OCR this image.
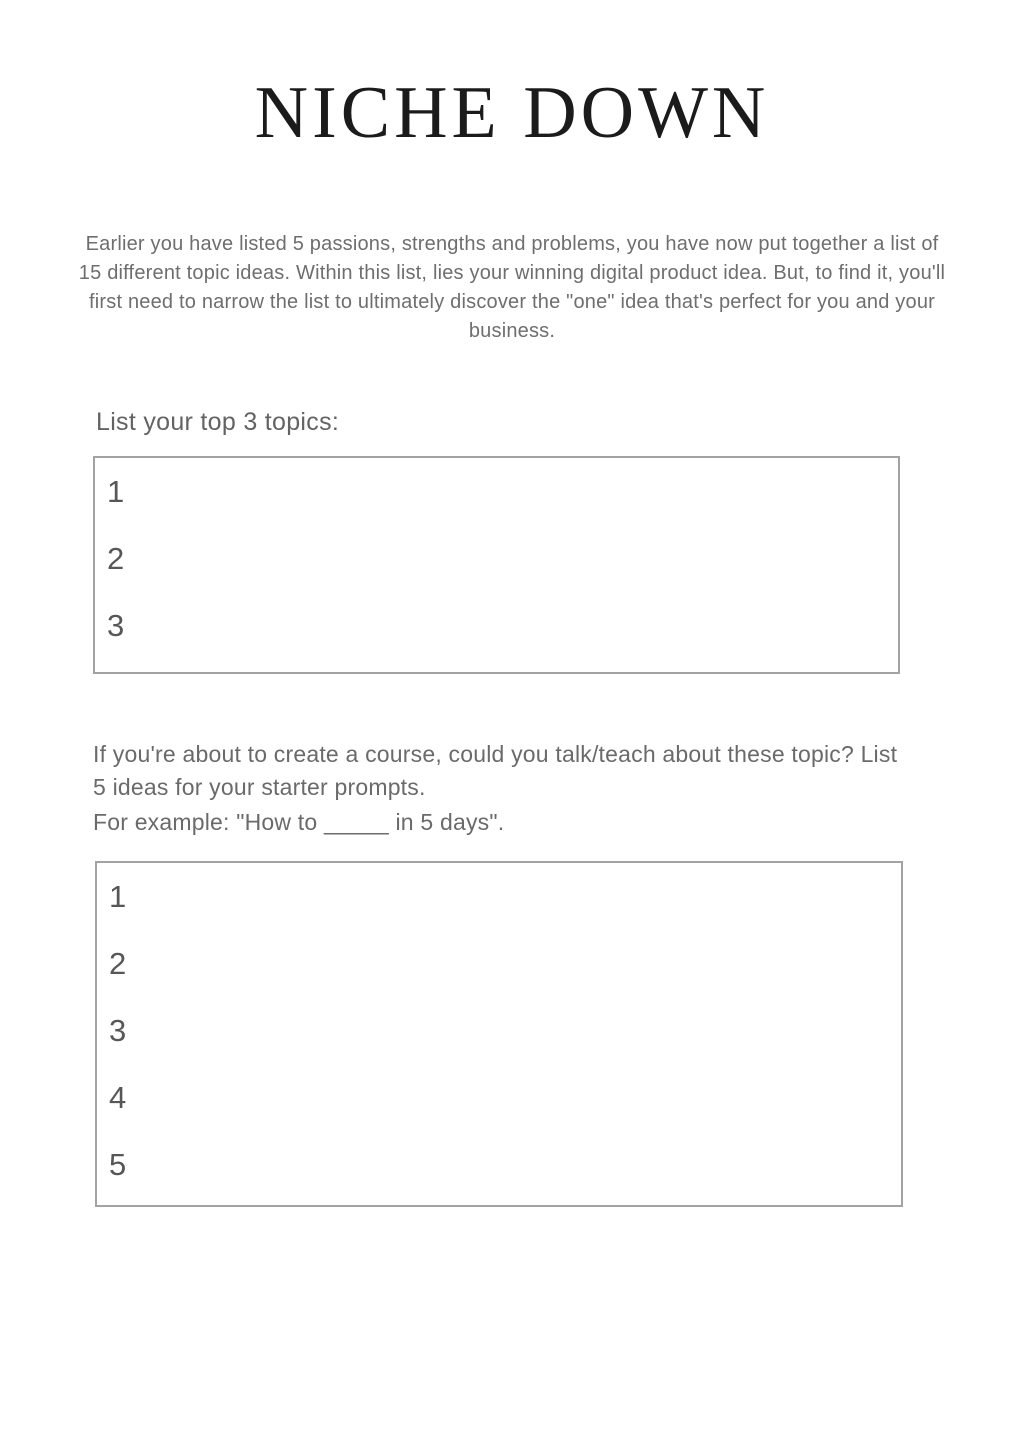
NICHE DOWN
Earlier you have listed 5 passions, strengths and problems, you have now put together a list of 15 different topic ideas. Within this list, lies your winning digital product idea. But, to find it, you'll first need to narrow the list to ultimately discover the "one" idea that's perfect for you and your business.
List your top 3 topics:
1
2
3

If you're about to create a course, could you talk/teach about these topic? List 5 ideas for your starter prompts.

For example: "How to _____ in 5 days".

1
2
3
4
5
